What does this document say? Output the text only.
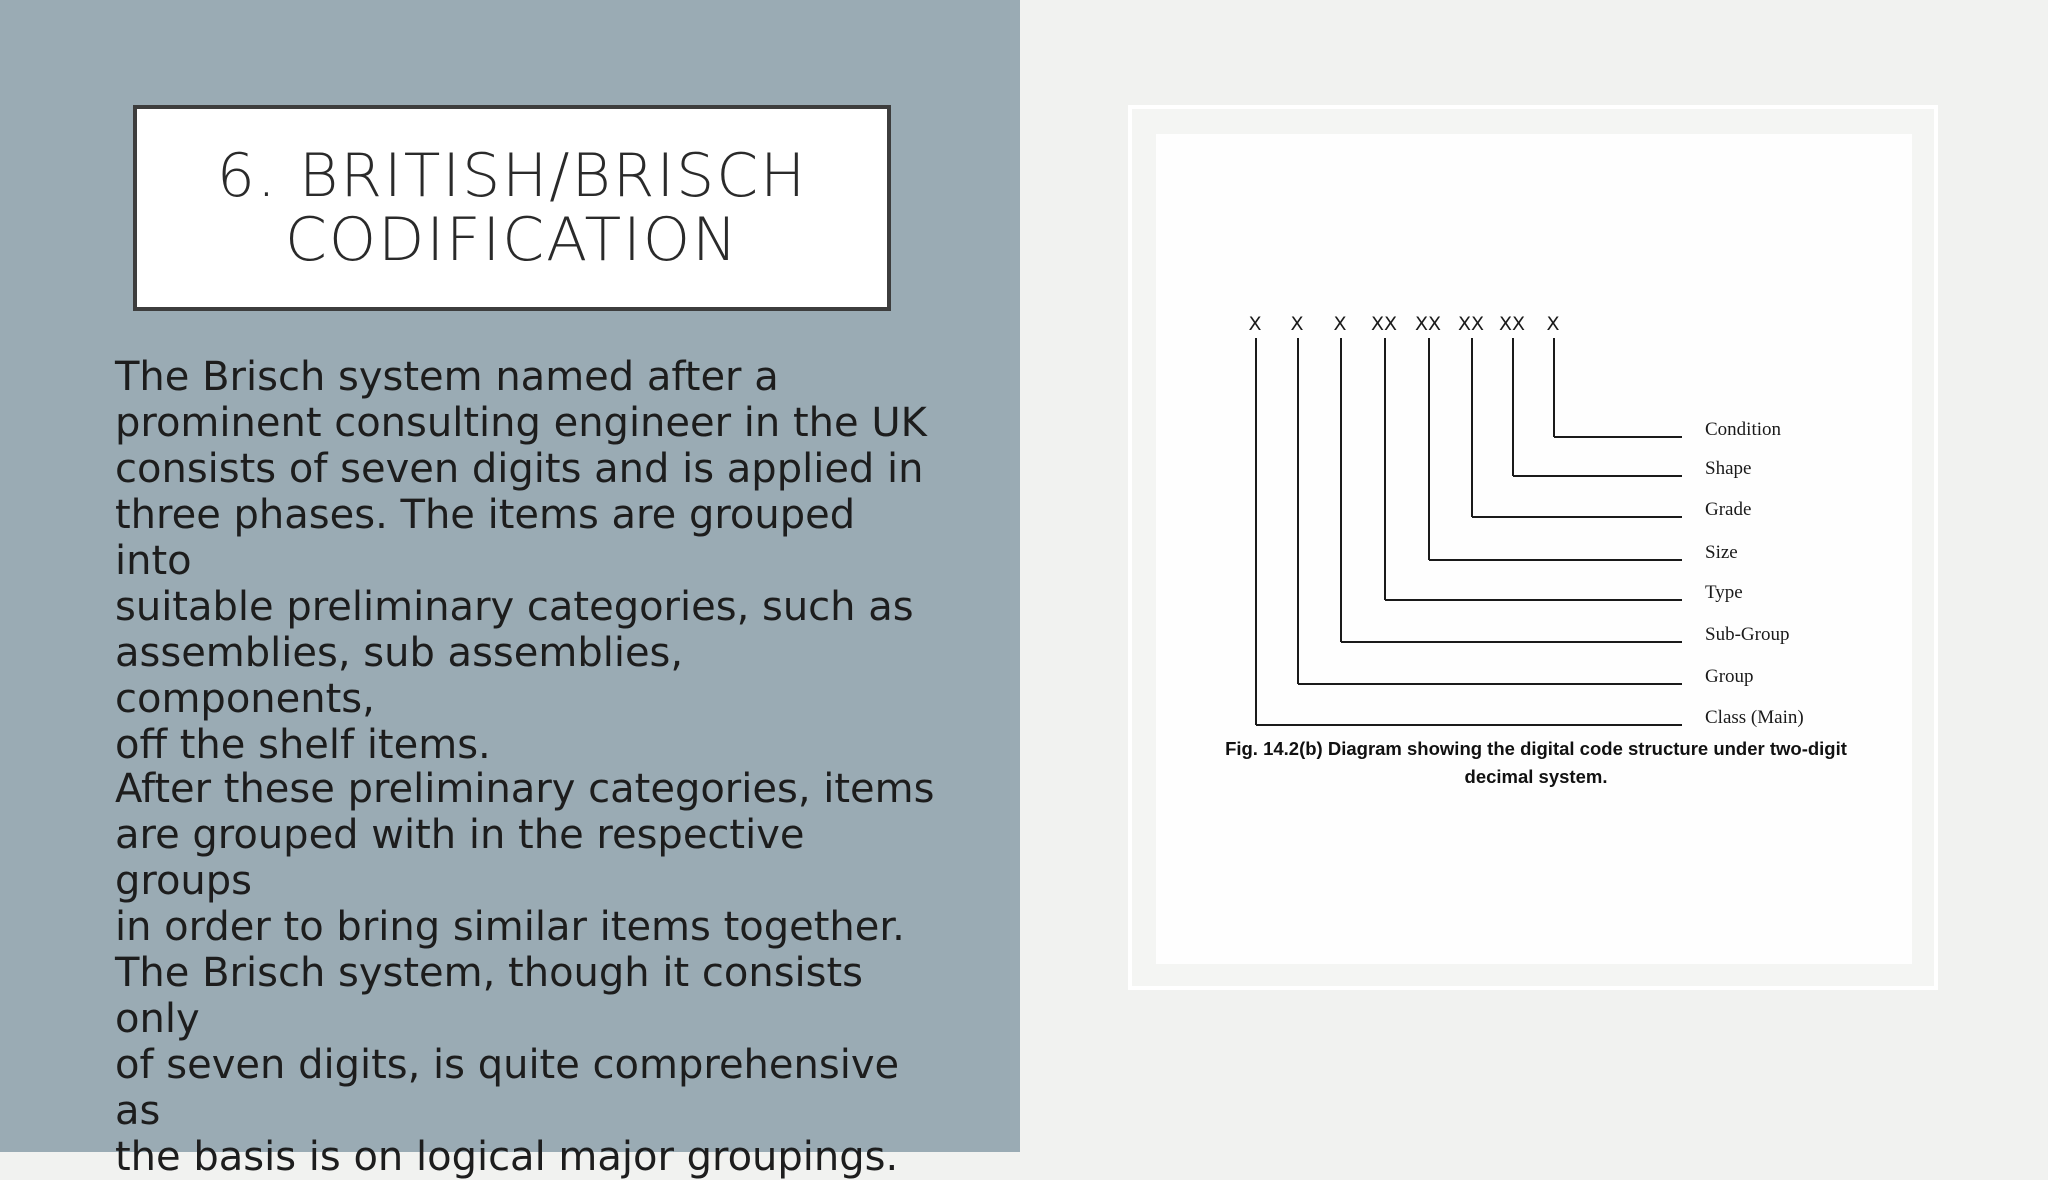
6. BRITISH/BRISCH
CODIFICATION
The Brisch system named after a
prominent consulting engineer in the UK
consists of seven digits and is applied in
three phases. The items are grouped into
suitable preliminary categories, such as
assemblies, sub assemblies, components,
off the shelf items.
After these preliminary categories, items
are grouped with in the respective groups
in order to bring similar items together.
The Brisch system, though it consists only
of seven digits, is quite comprehensive as
the basis is on logical major groupings.
X X X XX XX XX XX X
Condition
Shape
Grade
Size
Type
Sub-Group
Group
Class (Main)
Fig. 14.2(b) Diagram showing the digital code structure under two-digit
decimal system.
